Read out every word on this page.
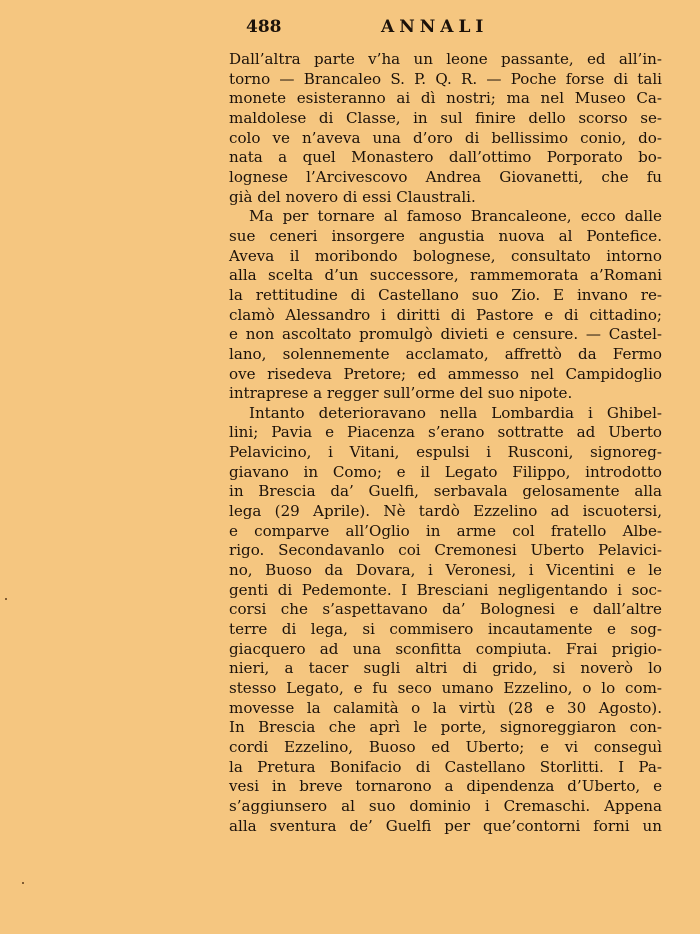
488	ANNALI
Dall’altra parte v’ha un leone passante, ed all’in-
torno — Brancaleo S. P. Q. R. — Poche forse di tali
monete esisteranno ai dì nostri; ma nel Museo Ca-
maldolese di Classe, in sul finire dello scorso se-
colo ve n’aveva una d’oro di bellissimo conio, do-
nata a quel Monastero dall’ottimo Porporato bo-
lognese l’Arcivescovo Andrea Giovanetti, che fu
già del novero di essi Claustrali.
Ma per tornare al famoso Brancaleone, ecco dalle
sue ceneri insorgere angustia nuova al Pontefice.
Aveva il moribondo bolognese, consultato intorno
alla scelta d’un successore, rammemorata a’Romani
la rettitudine di Castellano suo Zio. E invano re-
clamò Alessandro i diritti di Pastore e di cittadino;
e non ascoltato promulgò divieti e censure. — Castel-
lano, solennemente acclamato, affrettò da Fermo
ove risedeva Pretore; ed ammesso nel Campidoglio
intraprese a regger sull’orme del suo nipote.
Intanto deterioravano nella Lombardia i Ghibel-
lini; Pavia e Piacenza s’erano sottratte ad Uberto
Pelavicino, i Vitani, espulsi i Rusconi, signoreg-
giavano in Como; e il Legato Filippo, introdotto
in Brescia da’ Guelfi, serbavala gelosamente alla
lega (29 Aprile). Nè tardò Ezzelino ad iscuotersi,
e comparve all’Oglio in arme col fratello Albe-
rigo. Secondavanlo coi Cremonesi Uberto Pelavici-
no, Buoso da Dovara, i Veronesi, i Vicentini e le
genti di Pedemonte. I Bresciani negligentando i soc-
corsi che s’aspettavano da’ Bolognesi e dall’altre
terre di lega, si commisero incautamente e sog-
giacquero ad una sconfitta compiuta. Frai prigio-
nieri, a tacer sugli altri di grido, si noverò lo
stesso Legato, e fu seco umano Ezzelino, o lo com-
movesse la calamità o la virtù (28 e 30 Agosto).
In Brescia che aprì le porte, signoreggiaron con-
cordi Ezzelino, Buoso ed Uberto; e vi conseguì
la Pretura Bonifacio di Castellano Storlitti. I Pa-
vesi in breve tornarono a dipendenza d’Uberto, e
s’aggiunsero al suo dominio i Cremaschi. Appena
alla sventura de’ Guelfi per que’contorni forni un
